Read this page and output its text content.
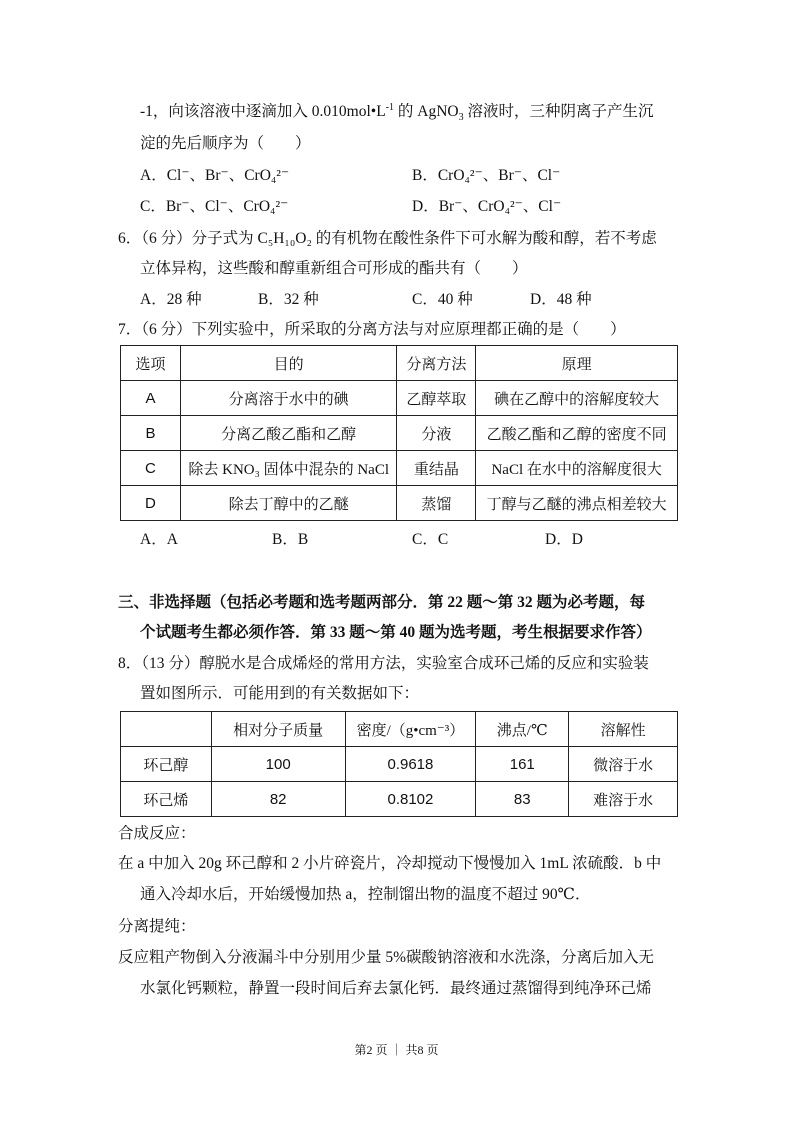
-1，向该溶液中逐滴加入 $0.010mol•L^{-1}$ 的 AgNO$_3$ 溶液时，三种阴离子产生沉
淀的先后顺序为（　　）
A．Cl⁻、Br⁻、CrO₄²⁻	B．CrO₄²⁻、Br⁻、Cl⁻
C．Br⁻、Cl⁻、CrO₄²⁻	D．Br⁻、CrO₄²⁻、Cl⁻
6．（6 分）分子式为 C₅H₁₀O₂ 的有机物在酸性条件下可水解为酸和醇，若不考虑
立体异构，这些酸和醇重新组合可形成的酯共有（　　）
A．28 种	B．32 种	C．40 种	D．48 种
7．（6 分）下列实验中，所采取的分离方法与对应原理都正确的是（　　）
选项	目的	分离方法	原理
A	分离溶于水中的碘	乙醇萃取	碘在乙醇中的溶解度较大
B	分离乙酸乙酯和乙醇	分液	乙酸乙酯和乙醇的密度不同
C	除去 KNO₃ 固体中混杂的 NaCl	重结晶	NaCl 在水中的溶解度很大
D	除去丁醇中的乙醚	蒸馏	丁醇与乙醚的沸点相差较大
A．A	B．B	C．C	D．D
三、非选择题（包括必考题和选考题两部分．第 22 题～第 32 题为必考题，每
个试题考生都必须作答．第 33 题～第 40 题为选考题，考生根据要求作答）
8．（13 分）醇脱水是合成烯烃的常用方法，实验室合成环己烯的反应和实验装
置如图所示．可能用到的有关数据如下：
	相对分子质量	密度/（g•cm⁻³）	沸点/℃	溶解性
环己醇	100	0.9618	161	微溶于水
环己烯	82	0.8102	83	难溶于水
合成反应：
在 a 中加入 20g 环己醇和 2 小片碎瓷片，冷却搅动下慢慢加入 1mL 浓硫酸．b 中
通入冷却水后，开始缓慢加热 a，控制馏出物的温度不超过 90℃．
分离提纯：
反应粗产物倒入分液漏斗中分别用少量 5%碳酸钠溶液和水洗涤，分离后加入无
水氯化钙颗粒，静置一段时间后弃去氯化钙．最终通过蒸馏得到纯净环己烯
第2 页 ｜ 共8 页
